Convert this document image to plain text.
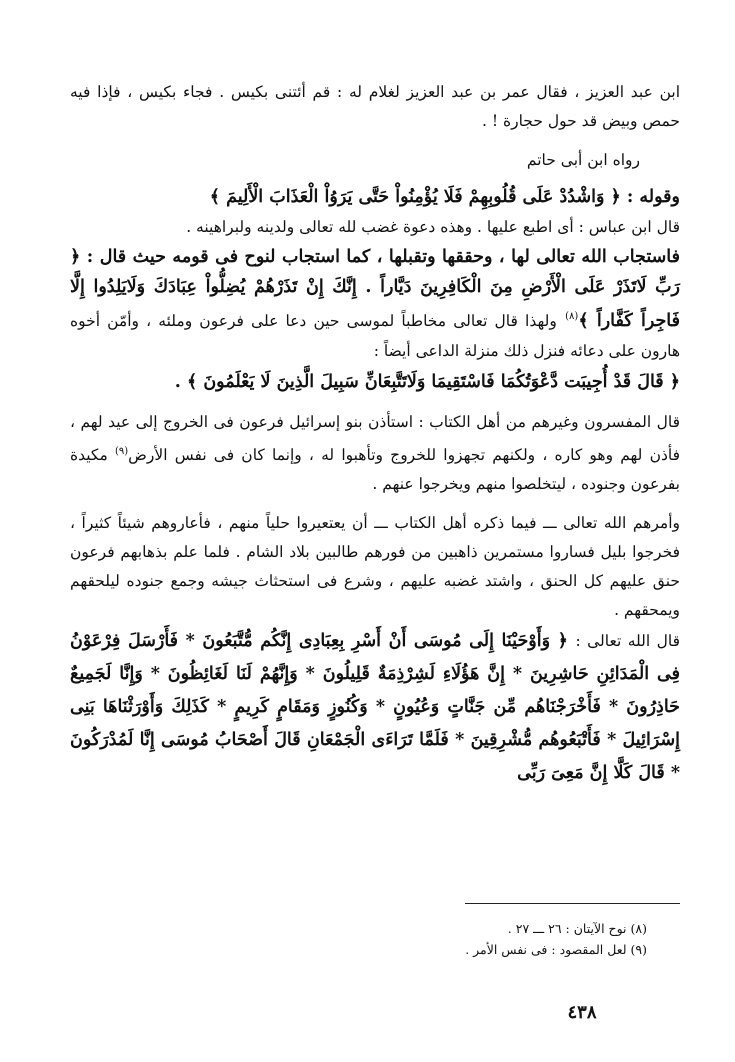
ابن عبد العزيز ، فقال عمر بن عبد العزيز لغلام له : قم أئتنى بكيس . فجاء بكيس ، فإذا فيه حمص وبيض قد حول حجارة ! .

رواه ابن أبى حاتم

وقوله : ﴿ وَاشْدُدْ عَلَى قُلُوبِهِمْ فَلَا يُؤْمِنُواْ حَتَّى يَرَوُاْ الْعَذَابَ الْأَلِيمَ ﴾

قال ابن عباس : أى اطبع عليها . وهذه دعوة غضب لله تعالى ولدينه ولبراهينه .

فاستجاب الله تعالى لها ، وحققها وتقبلها ، كما استجاب لنوح فى قومه حيث قال : ﴿ رَبِّ لَاتَذَرْ عَلَى الْأَرْضِ مِنَ الْكَافِرِينَ دَيَّاراً . إِنَّكَ إِنْ تَذَرْهُمْ يُضِلُّواْ عِبَادَكَ وَلَايَلِدُوا إِلَّا فَاجِراً كَفَّاراً ﴾$^{(٨)}$ ولهذا قال تعالى مخاطباً لموسى حين دعا على فرعون وملئه ، وأمّن أخوه هارون على دعائه فنزل ذلك منزلة الداعى أيضاً :

﴿ قَالَ قَدْ أُجِيبَت دَّعْوَتُكُمَا فَاسْتَقِيمَا وَلَاتَتَّبِعَانِّ سَبِيلَ الَّذِينَ لَا يَعْلَمُونَ ﴾ .

قال المفسرون وغيرهم من أهل الكتاب : استأذن بنو إسرائيل فرعون فى الخروج إلى عيد لهم ، فأذن لهم وهو كاره ، ولكنهم تجهزوا للخروج وتأهبوا له ، وإنما كان فى نفس الأرض$^{(٩)}$ مكيدة بفرعون وجنوده ، ليتخلصوا منهم ويخرجوا عنهم .

وأمرهم الله تعالى ـــ فيما ذكره أهل الكتاب ـــ أن يعتعيروا حلياً منهم ، فأعاروهم شيئاً كثيراً ، فخرجوا بليل فساروا مستمرين ذاهبين من فورهم طالبين بلاد الشام . فلما علم بذهابهم فرعون حنق عليهم كل الحنق ، واشتد غضبه عليهم ، وشرع فى استحثاث جيشه وجمع جنوده ليلحقهم ويمحقهم .

قال الله تعالى : ﴿ وَأَوْحَيْنَا إِلَى مُوسَى أَنْ أَسْرِ بِعِبَادِى إِنَّكُم مُّتَّبَعُونَ * فَأَرْسَلَ فِرْعَوْنُ فِى الْمَدَائِنِ حَاشِرِينَ * إِنَّ هَؤُلَاءِ لَشِرْذِمَةٌ قَلِيلُونَ * وَإِنَّهُمْ لَنَا لَغَائِظُونَ * وَإِنَّا لَجَمِيعٌ حَاذِرُونَ * فَأَخْرَجْنَاهُم مِّن جَنَّاتٍ وَعُيُونٍ * وَكُنُوزٍ وَمَقَامٍ كَرِيمٍ * كَذَلِكَ وَأَوْرَثْنَاهَا بَنِى إِسْرَائِيلَ * فَأَتْبَعُوهُم مُّشْرِقِينَ * فَلَمَّا تَرَاءَى الْجَمْعَانِ قَالَ أَصْحَابُ مُوسَى إِنَّا لَمُدْرَكُونَ * قَالَ كَلَّا إِنَّ مَعِىَ رَبِّى

(٨) نوح الآيتان : ٢٦ ـــ ٢٧ .
(٩) لعل المقصود : فى نفس الأمر .
٤٣٨
